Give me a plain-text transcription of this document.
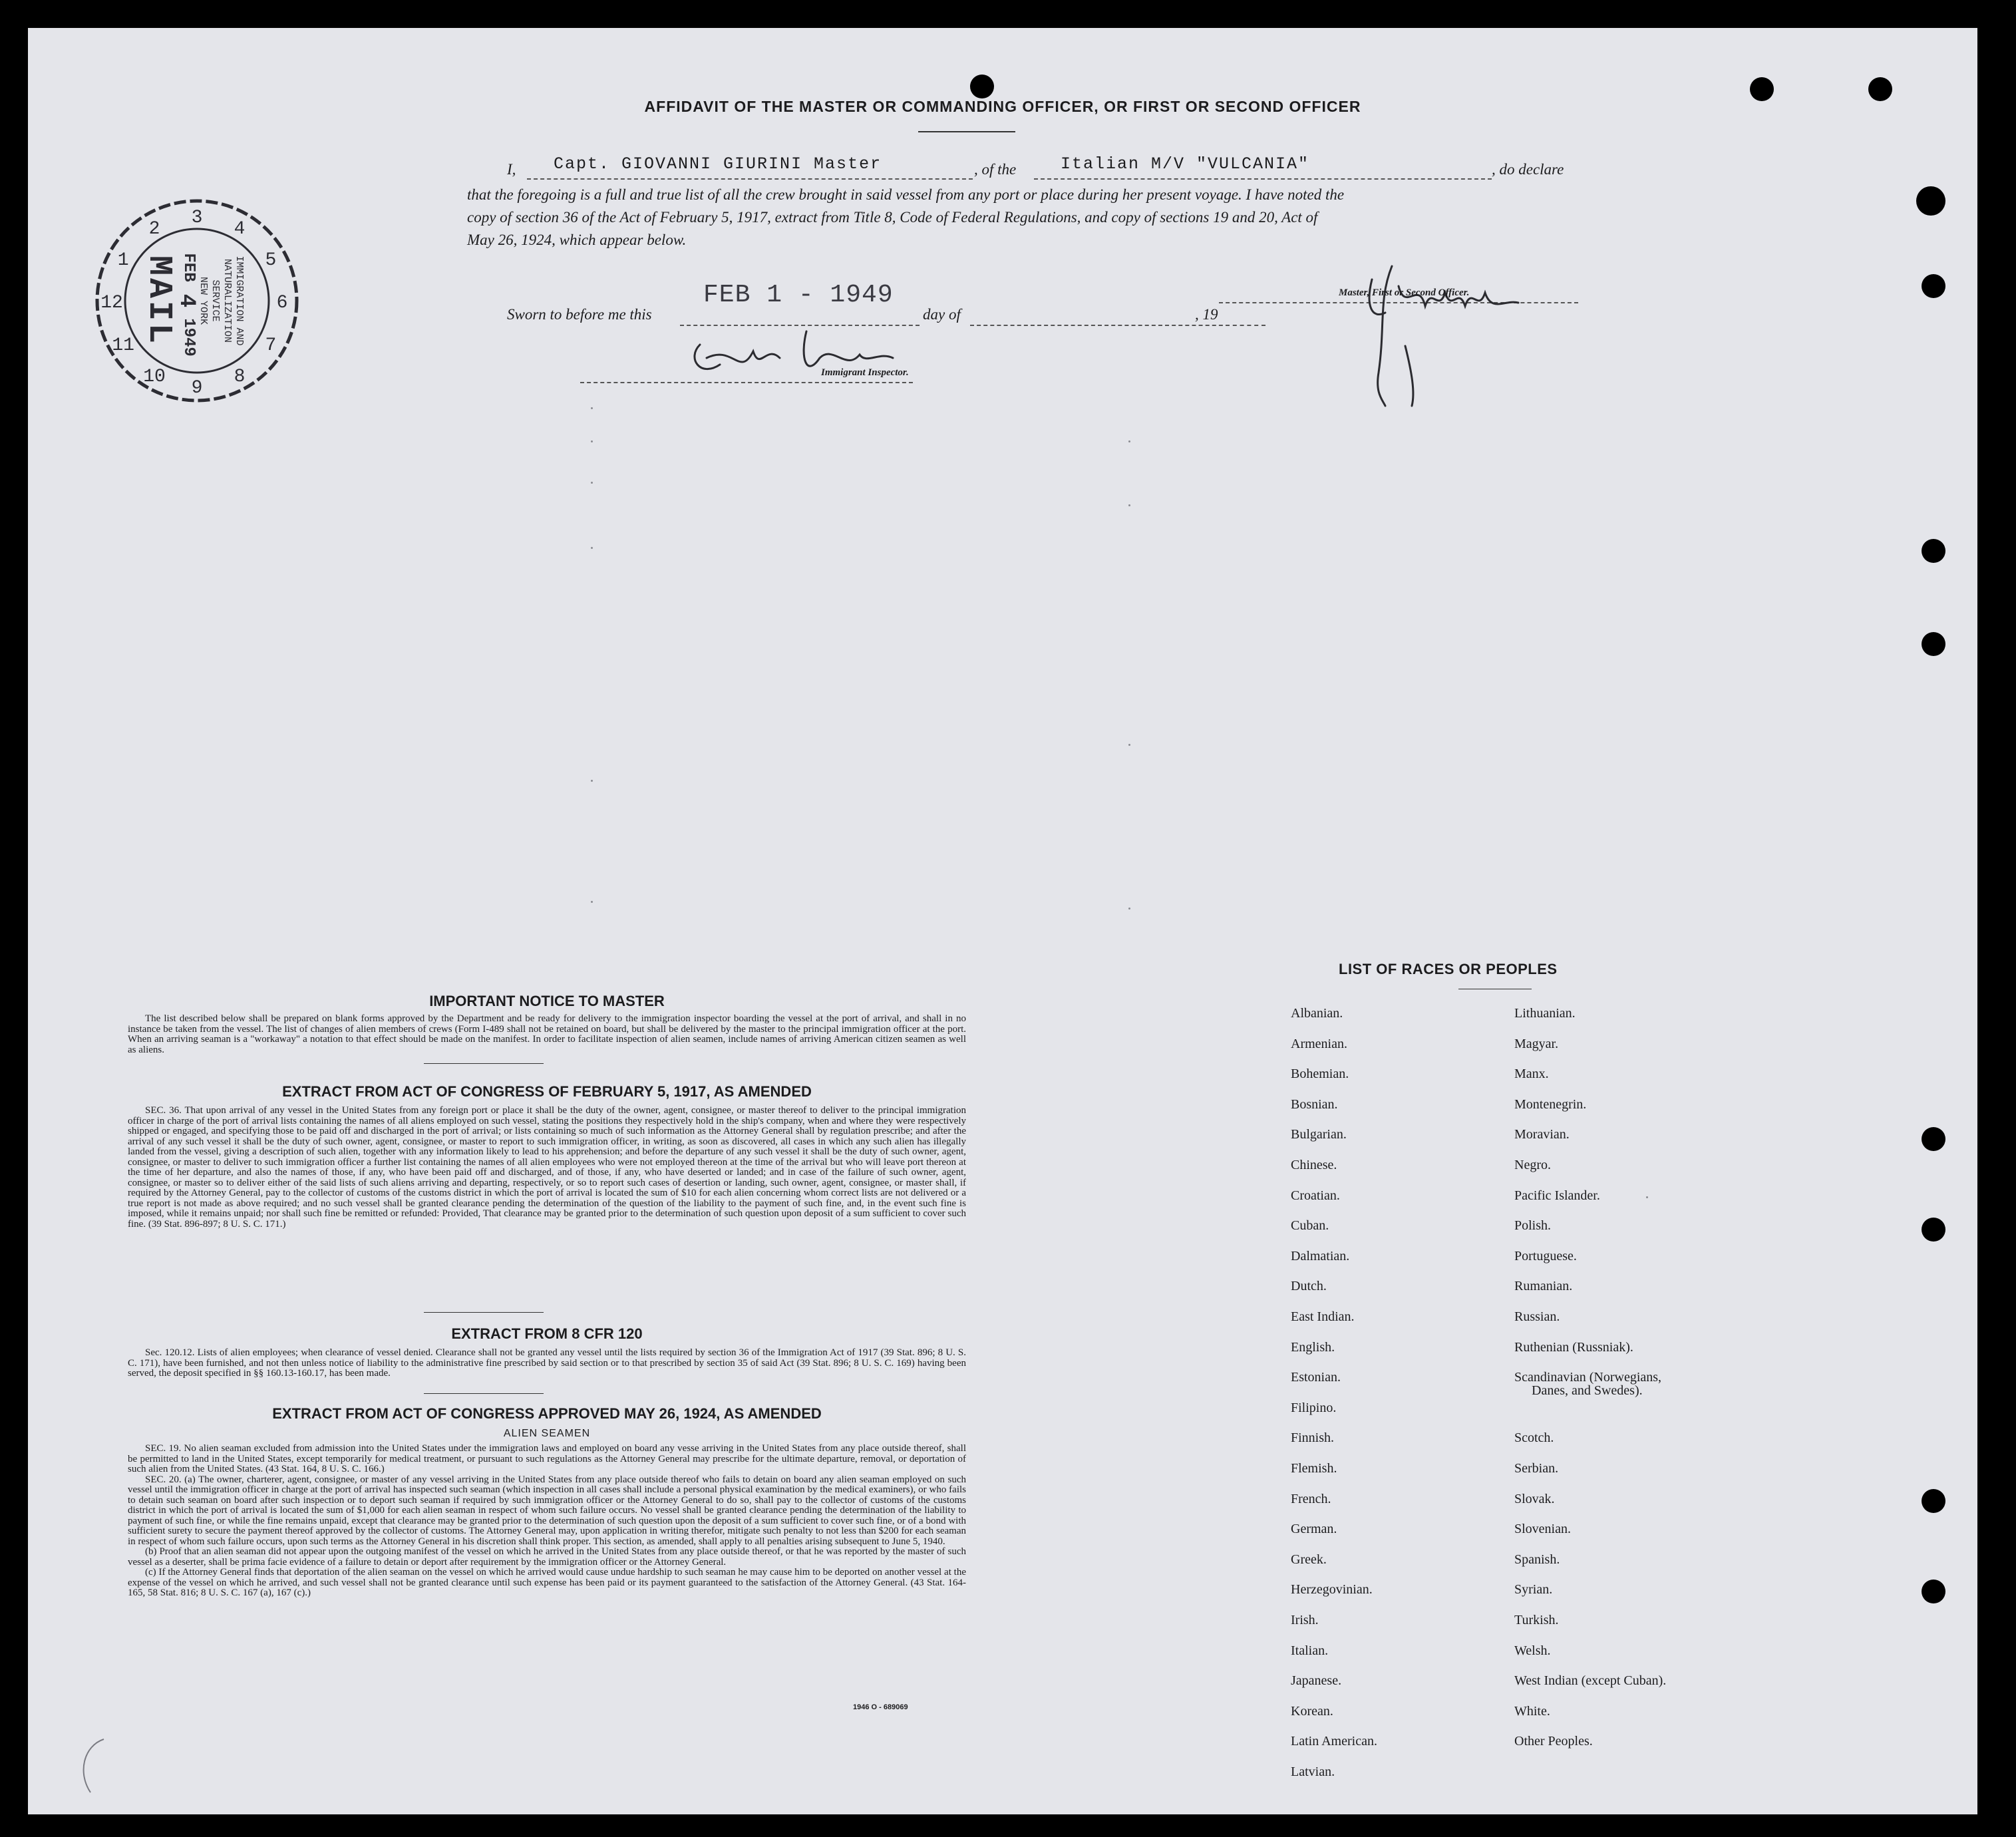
AFFIDAVIT OF THE MASTER OR COMMANDING OFFICER, OR FIRST OR SECOND OFFICER
I, Capt. GIOVANNI GIURINI Master	, of the	Italian M/V "VULCANIA"	, do declare
that the foregoing is a full and true list of all the crew brought in said vessel from any port or place during her present voyage. I have noted the
copy of section 36 of the Act of February 5, 1917, extract from Title 8, Code of Federal Regulations, and copy of sections 19 and 20, Act of
May 26, 1924, which appear below.
Master, First or Second Officer.
Sworn to before me this
FEB 1 - 1949
day of	, 19
Immigrant Inspector.
1
2
3
4
5
6
7
8
9
10
11
12	IMMIGRATION AND
NATURALIZATION
SERVICE
NEW YORK
FEB
4
1949
MAIL
IMPORTANT NOTICE TO MASTER

The list described below shall be prepared on blank forms approved by the Department and be ready for delivery to the immigration inspector boarding the vessel at the port of arrival, and shall in no instance be taken from the vessel. The list of changes of alien members of crews (Form I-489 shall not be retained on board, but shall be delivered by the master to the principal immigration officer at the port. When an arriving seaman is a "workaway" a notation to that effect should be made on the manifest. In order to facilitate inspection of alien seamen, include names of arriving American citizen seamen as well as aliens.

EXTRACT FROM ACT OF CONGRESS OF FEBRUARY 5, 1917, AS AMENDED

SEC. 36. That upon arrival of any vessel in the United States from any foreign port or place it shall be the duty of the owner, agent, consignee, or master thereof to deliver to the principal immigration officer in charge of the port of arrival lists containing the names of all aliens employed on such vessel, stating the positions they respectively hold in the ship's company, when and where they were respectively shipped or engaged, and specifying those to be paid off and discharged in the port of arrival; or lists containing so much of such information as the Attorney General shall by regulation prescribe; and after the arrival of any such vessel it shall be the duty of such owner, agent, consignee, or master to report to such immigration officer, in writing, as soon as discovered, all cases in which any such alien has illegally landed from the vessel, giving a description of such alien, together with any information likely to lead to his apprehension; and before the departure of any such vessel it shall be the duty of such owner, agent, consignee, or master to deliver to such immigration officer a further list containing the names of all alien employees who were not employed thereon at the time of the arrival but who will leave port thereon at the time of her departure, and also the names of those, if any, who have been paid off and discharged, and of those, if any, who have deserted or landed; and in case of the failure of such owner, agent, consignee, or master so to deliver either of the said lists of such aliens arriving and departing, respectively, or so to report such cases of desertion or landing, such owner, agent, consignee, or master shall, if required by the Attorney General, pay to the collector of customs of the customs district in which the port of arrival is located the sum of $10 for each alien concerning whom correct lists are not delivered or a true report is not made as above required; and no such vessel shall be granted clearance pending the determination of the question of the liability to the payment of such fine, and, in the event such fine is imposed, while it remains unpaid; nor shall such fine be remitted or refunded: Provided, That clearance may be granted prior to the determination of such question upon deposit of a sum sufficient to cover such fine. (39 Stat. 896-897; 8 U. S. C. 171.)

EXTRACT FROM 8 CFR 120

Sec. 120.12. Lists of alien employees; when clearance of vessel denied. Clearance shall not be granted any vessel until the lists required by section 36 of the Immigration Act of 1917 (39 Stat. 896; 8 U. S. C. 171), have been furnished, and not then unless notice of liability to the administrative fine prescribed by said section or to that prescribed by section 35 of said Act (39 Stat. 896; 8 U. S. C. 169) having been served, the deposit specified in §§ 160.13-160.17, has been made.

EXTRACT FROM ACT OF CONGRESS APPROVED MAY 26, 1924, AS AMENDED
ALIEN SEAMEN

SEC. 19. No alien seaman excluded from admission into the United States under the immigration laws and employed on board any vesse arriving in the United States from any place outside thereof, shall be permitted to land in the United States, except temporarily for medical treatment, or pursuant to such regulations as the Attorney General may prescribe for the ultimate departure, removal, or deportation of such alien from the United States. (43 Stat. 164, 8 U. S. C. 166.)

SEC. 20. (a) The owner, charterer, agent, consignee, or master of any vessel arriving in the United States from any place outside thereof who fails to detain on board any alien seaman employed on such vessel until the immigration officer in charge at the port of arrival has inspected such seaman (which inspection in all cases shall include a personal physical examination by the medical examiners), or who fails to detain such seaman on board after such inspection or to deport such seaman if required by such immigration officer or the Attorney General to do so, shall pay to the collector of customs of the customs district in which the port of arrival is located the sum of $1,000 for each alien seaman in respect of whom such failure occurs. No vessel shall be granted clearance pending the determination of the liability to payment of such fine, or while the fine remains unpaid, except that clearance may be granted prior to the determination of such question upon the deposit of a sum sufficient to cover such fine, or of a bond with sufficient surety to secure the payment thereof approved by the collector of customs. The Attorney General may, upon application in writing therefor, mitigate such penalty to not less than $200 for each seaman in respect of whom such failure occurs, upon such terms as the Attorney General in his discretion shall think proper. This section, as amended, shall apply to all penalties arising subsequent to June 5, 1940.

(b) Proof that an alien seaman did not appear upon the outgoing manifest of the vessel on which he arrived in the United States from any place outside thereof, or that he was reported by the master of such vessel as a deserter, shall be prima facie evidence of a failure to detain or deport after requirement by the immigration officer or the Attorney General.

(c) If the Attorney General finds that deportation of the alien seaman on the vessel on which he arrived would cause undue hardship to such seaman he may cause him to be deported on another vessel at the expense of the vessel on which he arrived, and such vessel shall not be granted clearance until such expense has been paid or its payment guaranteed to the satisfaction of the Attorney General. (43 Stat. 164-165, 58 Stat. 816; 8 U. S. C. 167 (a), 167 (c).)

1946 O - 689069
LIST OF RACES OR PEOPLES
Albanian.
Armenian.
Bohemian.
Bosnian.
Bulgarian.
Chinese.
Croatian.
Cuban.
Dalmatian.
Dutch.
East Indian.
English.
Estonian.
Filipino.
Finnish.
Flemish.
French.
German.
Greek.
Herzegovinian.
Irish.
Italian.
Japanese.
Korean.
Latin American.
Latvian.
Lithuanian.
Magyar.
Manx.
Montenegrin.
Moravian.
Negro.
Pacific Islander.
Polish.
Portuguese.
Rumanian.
Russian.
Ruthenian (Russniak).
Scandinavian (Norwegians,
Danes, and Swedes).
Scotch.
Serbian.
Slovak.
Slovenian.
Spanish.
Syrian.
Turkish.
Welsh.
West Indian (except Cuban).
White.
Other Peoples.
